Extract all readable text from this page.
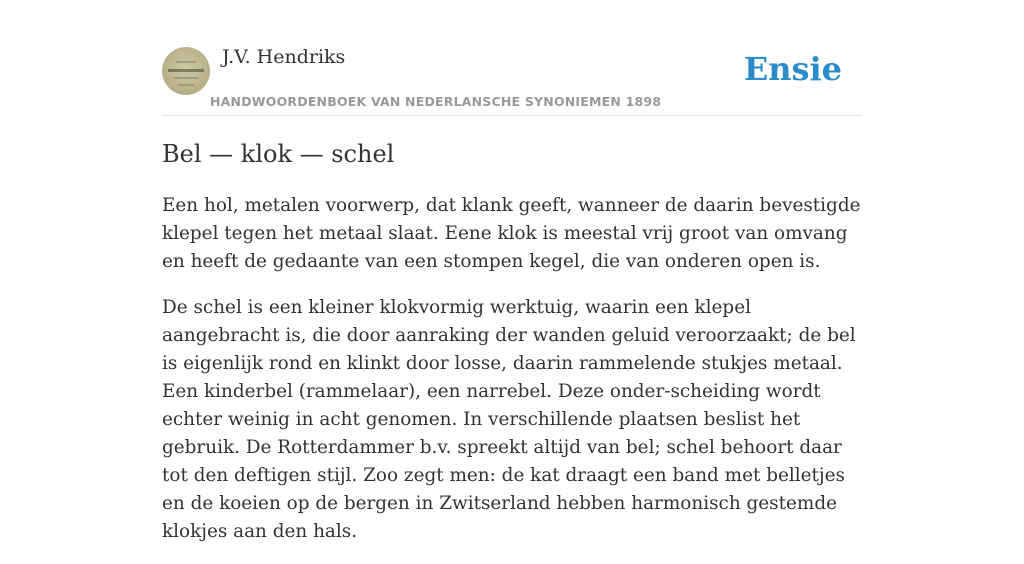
J.V. Hendriks
HANDWOORDENBOEK VAN NEDERLANSCHE SYNONIEMEN 1898
Ensie
Bel — klok — schel

Een hol, metalen voorwerp, dat klank geeft, wanneer de daarin bevestigde klepel tegen het metaal slaat. Eene klok is meestal vrij groot van omvang en heeft de gedaante van een stompen kegel, die van onderen open is.

De schel is een kleiner klokvormig werktuig, waarin een klepel aangebracht is, die door aanraking der wanden geluid veroorzaakt; de bel is eigenlijk rond en klinkt door losse, daarin rammelende stukjes metaal. Een kinderbel (rammelaar), een narrebel. Deze onder-scheiding wordt echter weinig in acht genomen. In verschillende plaatsen beslist het gebruik. De Rotterdammer b.v. spreekt altijd van bel; schel behoort daar tot den deftigen stijl. Zoo zegt men: de kat draagt een band met belletjes en de koeien op de bergen in Zwitserland hebben harmonisch gestemde klokjes aan den hals.
